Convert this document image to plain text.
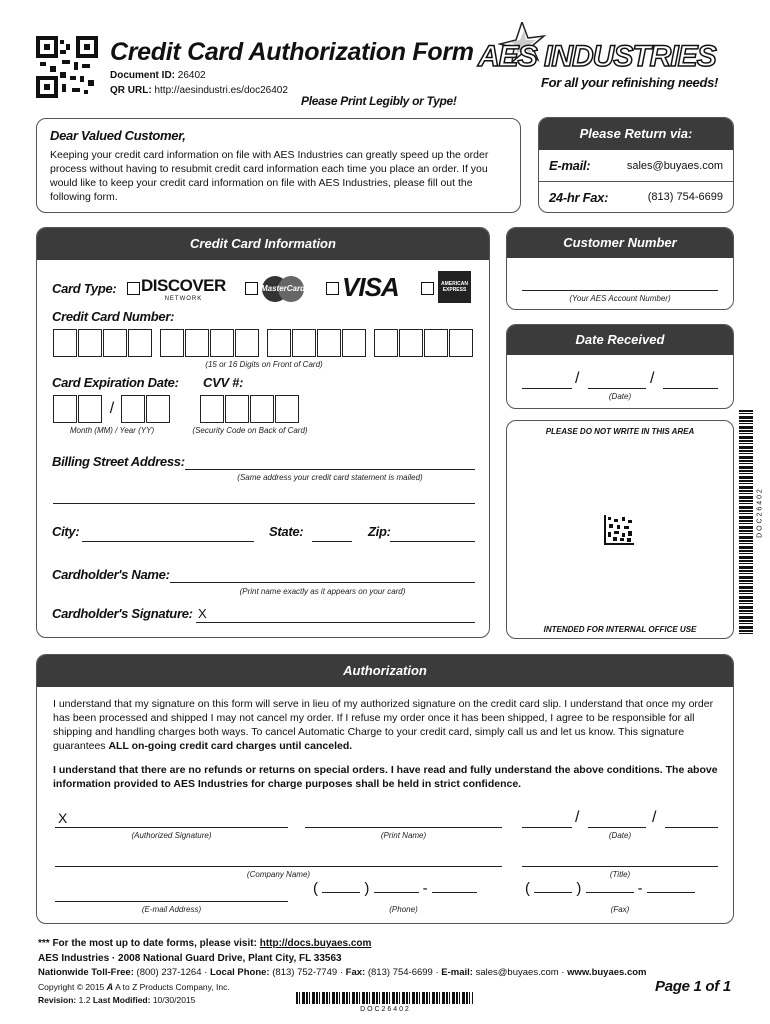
Credit Card Authorization Form
Document ID: 26402
QR URL: http://aesindustri.es/doc26402
Please Print Legibly or Type!
AES INDUSTRIES
For all your refinishing needs!
Dear Valued Customer,
Keeping your credit card information on file with AES Industries can greatly speed up the order process without having to resubmit credit card information each time you place an order. If you would like to keep your credit card information on file with AES Industries, please fill out the following form.
Please Return via:
E-mail:	sales@buyaes.com
24-hr Fax:	(813) 754-6699
Credit Card Information
Card Type: DISCOVER
NETWORK
MasterCard VISA	AMERICAN EXPRESS
Credit Card Number:

(15 or 16 Digits on Front of Card)
Card Expiration Date:
/
Month (MM) / Year (YY)
CVV #:
(Security Code on Back of Card)
Billing Street Address:
(Same address your credit card statement is mailed)
City:	State:	Zip:
Cardholder's Name:
(Print name exactly as it appears on your card)
Cardholder's Signature: X
Customer Number
(Your AES Account Number)
Date Received
/	/
(Date)
PLEASE DO NOT WRITE IN THIS AREA
INTENDED FOR INTERNAL OFFICE USE
D O C 2 6 4 0 2
Authorization
I understand that my signature on this form will serve in lieu of my authorized signature on the credit card slip. I understand that once my order has been processed and shipped I may not cancel my order. If I refuse my order once it has been shipped, I agree to be responsible for all shipping and handling charges both ways. To cancel Automatic Charge to your credit card, simply call us and let us know. This signature guarantees ALL on-going credit card charges until canceled.
I understand that there are no refunds or returns on special orders. I have read and fully understand the above conditions. The above information provided to AES Industries for charge purposes shall be held in strict confidence.
X
(Authorized Signature)	(Print Name)
/	/
(Date)
(Company Name)	(Title)
(E-mail Address)
(	)	-
(Phone)
(	)	-
(Fax)
*** For the most up to date forms, please visit: http://docs.buyaes.com
AES Industries · 2008 National Guard Drive, Plant City, FL 33563
Nationwide Toll-Free: (800) 237-1264 · Local Phone: (813) 752-7749 · Fax: (813) 754-6699 · E-mail: sales@buyaes.com · www.buyaes.com
Copyright © 2015 A A to Z Products Company, Inc.
Revision: 1.2 Last Modified: 10/30/2015
D O C 2 6 4 0 2
Page 1 of 1
